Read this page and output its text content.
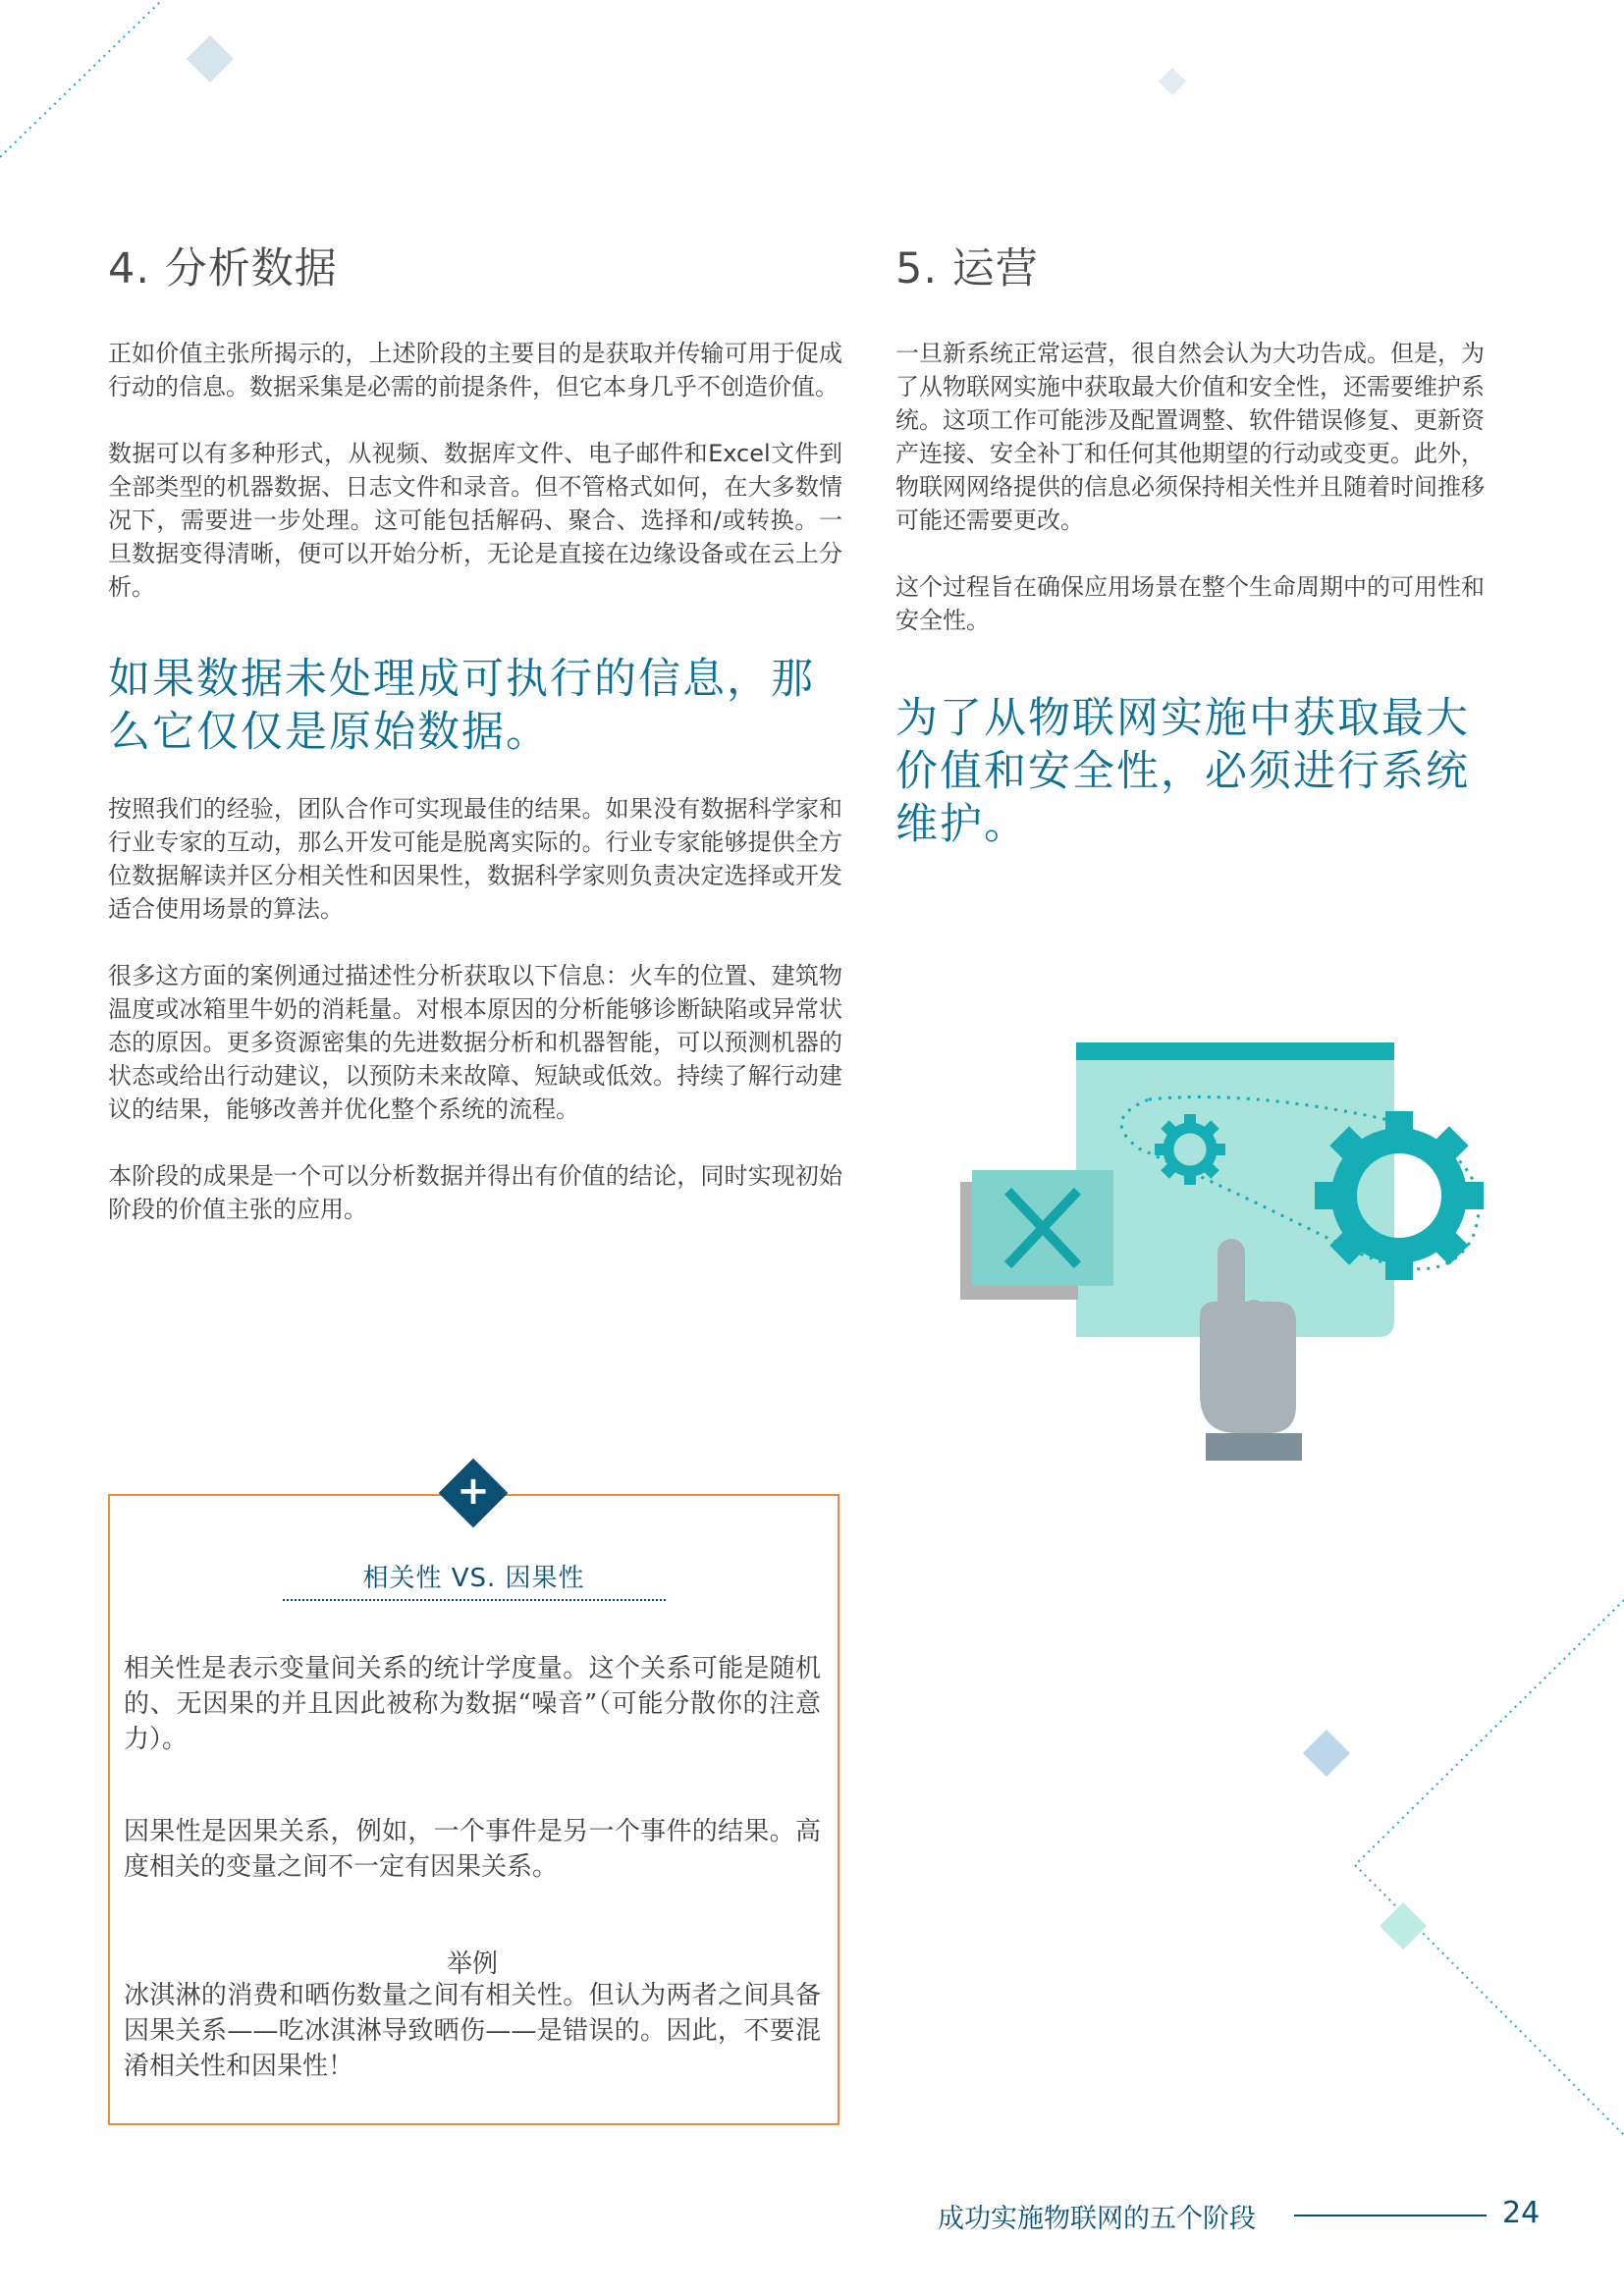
4. 分析数据

正如价值主张所揭示的，上述阶段的主要目的是获取并传输可用于促成行动的信息。数据采集是必需的前提条件，但它本身几乎不创造价值。

数据可以有多种形式，从视频、数据库文件、电子邮件和Excel文件到全部类型的机器数据、日志文件和录音。但不管格式如何，在大多数情况下，需要进一步处理。这可能包括解码、聚合、选择和/或转换。一旦数据变得清晰，便可以开始分析，无论是直接在边缘设备或在云上分析。

如果数据未处理成可执行的信息，那么它仅仅是原始数据。

按照我们的经验，团队合作可实现最佳的结果。如果没有数据科学家和行业专家的互动，那么开发可能是脱离实际的。行业专家能够提供全方位数据解读并区分相关性和因果性，数据科学家则负责决定选择或开发适合使用场景的算法。

很多这方面的案例通过描述性分析获取以下信息：火车的位置、建筑物温度或冰箱里牛奶的消耗量。对根本原因的分析能够诊断缺陷或异常状态的原因。更多资源密集的先进数据分析和机器智能，可以预测机器的状态或给出行动建议，以预防未来故障、短缺或低效。持续了解行动建议的结果，能够改善并优化整个系统的流程。

本阶段的成果是一个可以分析数据并得出有价值的结论，同时实现初始阶段的价值主张的应用。

5. 运营

一旦新系统正常运营，很自然会认为大功告成。但是，为了从物联网实施中获取最大价值和安全性，还需要维护系统。这项工作可能涉及配置调整、软件错误修复、更新资产连接、安全补丁和任何其他期望的行动或变更。此外，物联网网络提供的信息必须保持相关性并且随着时间推移可能还需要更改。

这个过程旨在确保应用场景在整个生命周期中的可用性和安全性。

为了从物联网实施中获取最大价值和安全性，必须进行系统维护。

相关性 VS. 因果性

相关性是表示变量间关系的统计学度量。这个关系可能是随机的、无因果的并且因此被称为数据“噪音”（可能分散你的注意力）。

因果性是因果关系，例如，一个事件是另一个事件的结果。高度相关的变量之间不一定有因果关系。

举例

冰淇淋的消费和晒伤数量之间有相关性。但认为两者之间具备因果关系——吃冰淇淋导致晒伤——是错误的。因此，不要混淆相关性和因果性！

+
成功实施物联网的五个阶段	24
